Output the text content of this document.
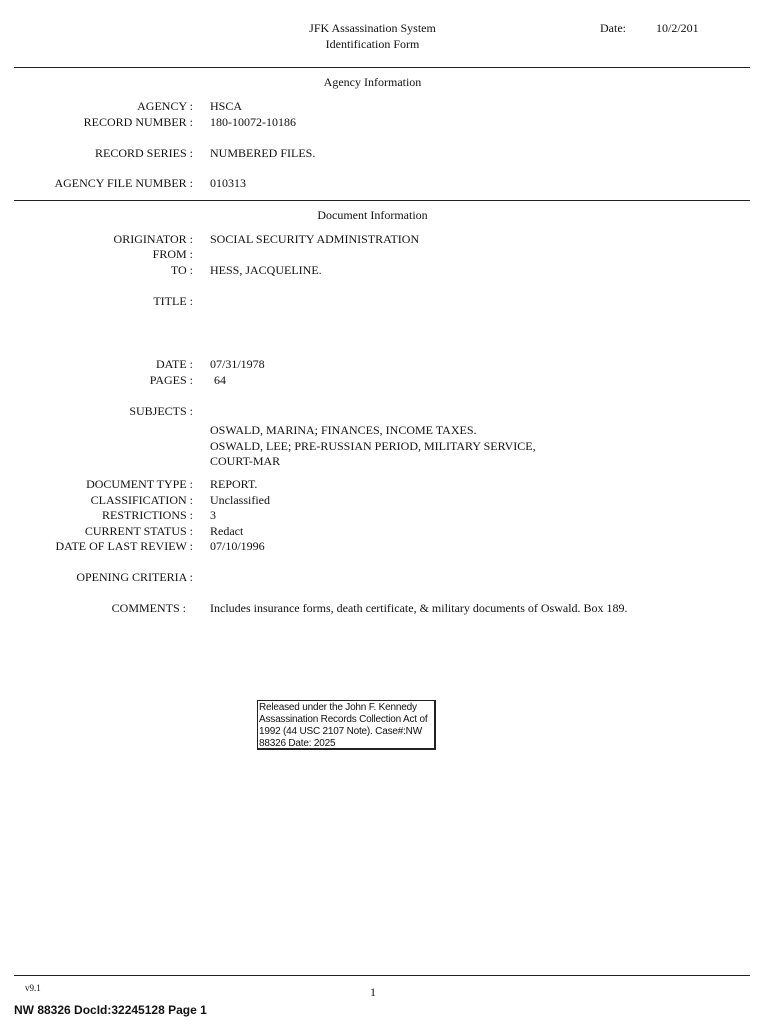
JFK Assassination System
Identification Form
Date:	10/2/201
Agency Information
AGENCY : HSCA
RECORD NUMBER : 180-10072-10186
RECORD SERIES : NUMBERED FILES.
AGENCY FILE NUMBER : 010313
Document Information
ORIGINATOR : SOCIAL SECURITY ADMINISTRATION
FROM :
TO : HESS, JACQUELINE.
TITLE :
DATE : 07/31/1978
PAGES : 64
SUBJECTS :
OSWALD, MARINA; FINANCES, INCOME TAXES.
OSWALD, LEE; PRE-RUSSIAN PERIOD, MILITARY SERVICE,
COURT-MAR
DOCUMENT TYPE : REPORT.
CLASSIFICATION : Unclassified
RESTRICTIONS : 3
CURRENT STATUS : Redact
DATE OF LAST REVIEW : 07/10/1996
OPENING CRITERIA :
COMMENTS : Includes insurance forms, death certificate, & military documents of Oswald. Box 189.
Released under the John F. Kennedy
Assassination Records Collection Act of
1992 (44 USC 2107 Note). Case#:NW
88326 Date: 2025
v9.1	1
NW 88326 DocId:32245128 Page 1
